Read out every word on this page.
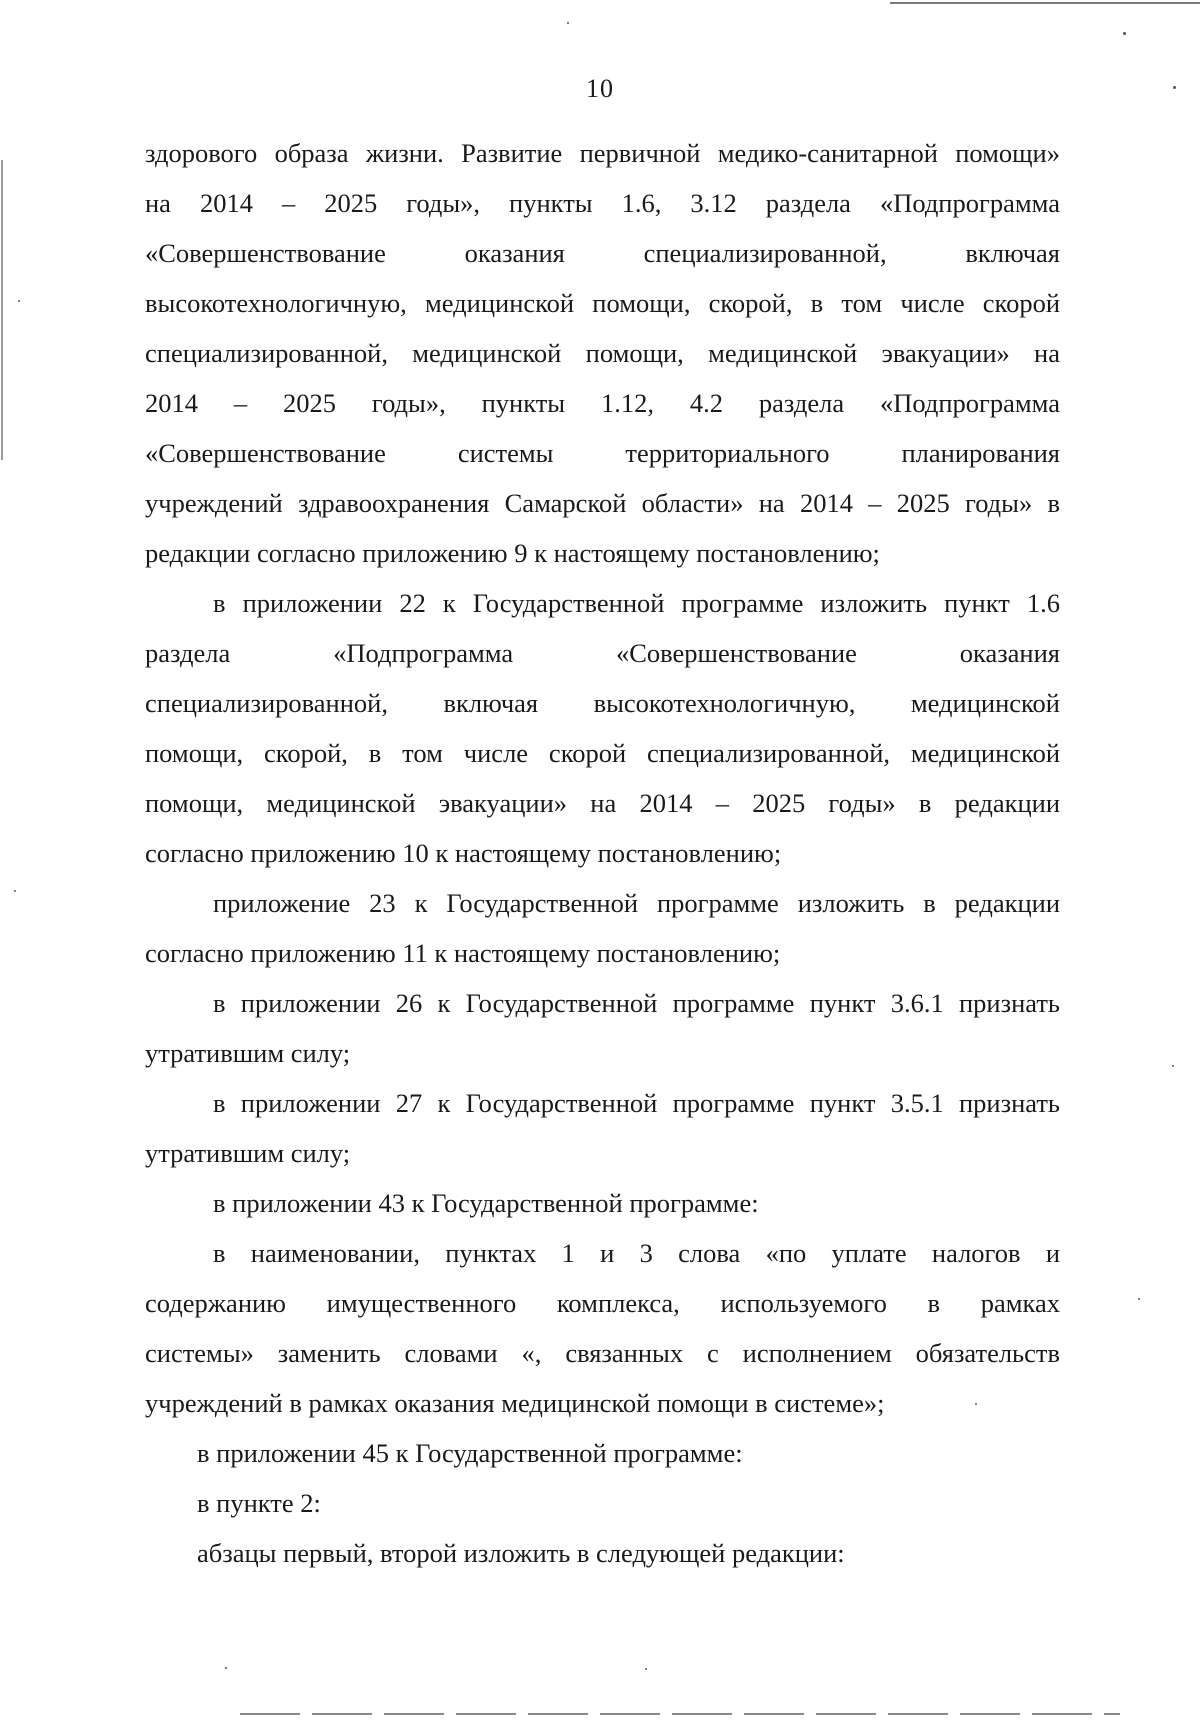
10
здорового образа жизни. Развитие первичной медико-санитарной помощи»
на 2014 – 2025 годы», пункты 1.6, 3.12 раздела «Подпрограмма
«Совершенствование оказания специализированной, включая
высокотехнологичную, медицинской помощи, скорой, в том числе скорой
специализированной, медицинской помощи, медицинской эвакуации» на
2014 – 2025 годы», пункты 1.12, 4.2 раздела «Подпрограмма
«Совершенствование системы территориального планирования
учреждений здравоохранения Самарской области» на 2014 – 2025 годы» в
редакции согласно приложению 9 к настоящему постановлению;
в приложении 22 к Государственной программе изложить пункт 1.6
раздела «Подпрограмма «Совершенствование оказания
специализированной, включая высокотехнологичную, медицинской
помощи, скорой, в том числе скорой специализированной, медицинской
помощи, медицинской эвакуации» на 2014 – 2025 годы» в редакции
согласно приложению 10 к настоящему постановлению;
приложение 23 к Государственной программе изложить в редакции
согласно приложению 11 к настоящему постановлению;
в приложении 26 к Государственной программе пункт 3.6.1 признать
утратившим силу;
в приложении 27 к Государственной программе пункт 3.5.1 признать
утратившим силу;
в приложении 43 к Государственной программе:
в наименовании, пунктах 1 и 3 слова «по уплате налогов и
содержанию имущественного комплекса, используемого в рамках
системы» заменить словами «, связанных с исполнением обязательств
учреждений в рамках оказания медицинской помощи в системе»;
в приложении 45 к Государственной программе:
в пункте 2:
абзацы первый, второй изложить в следующей редакции:
